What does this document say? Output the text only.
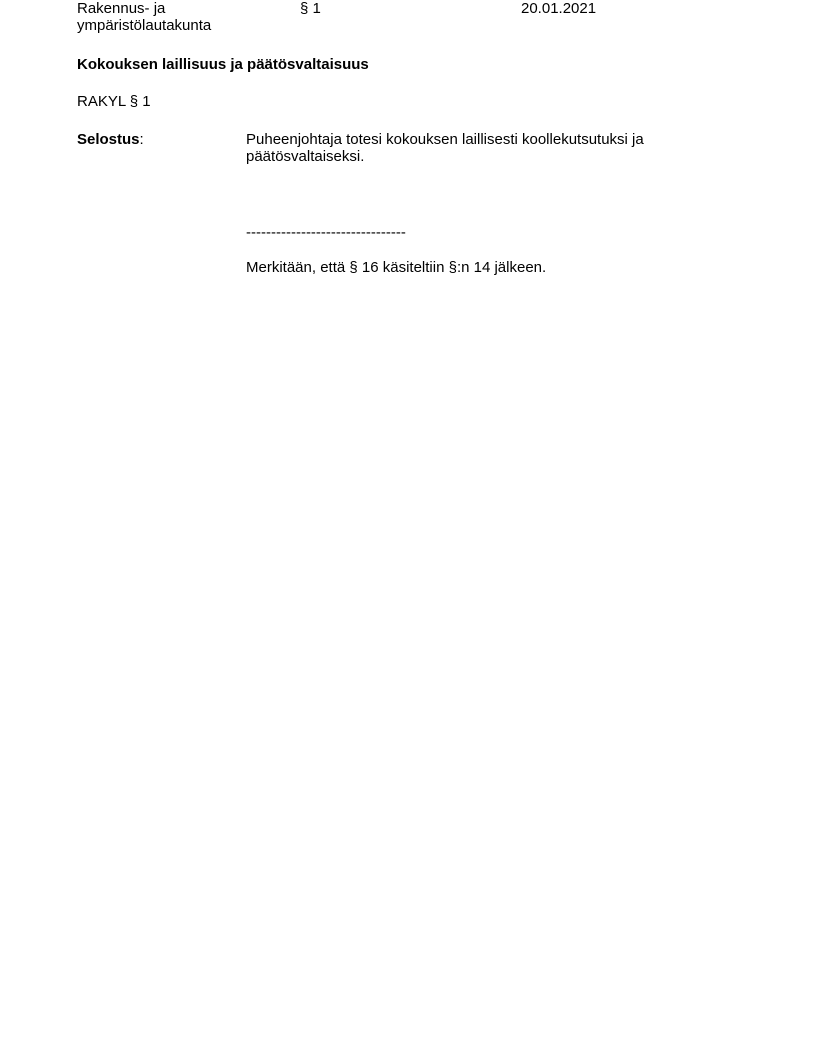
Rakennus- ja
ympäristölautakunta
§ 1	20.01.2021
Kokouksen laillisuus ja päätösvaltaisuus
RAKYL § 1
Selostus:	Puheenjohtaja totesi kokouksen laillisesti koollekutsutuksi ja päätösvaltaiseksi.
--------------------------------
Merkitään, että § 16 käsiteltiin §:n 14 jälkeen.
